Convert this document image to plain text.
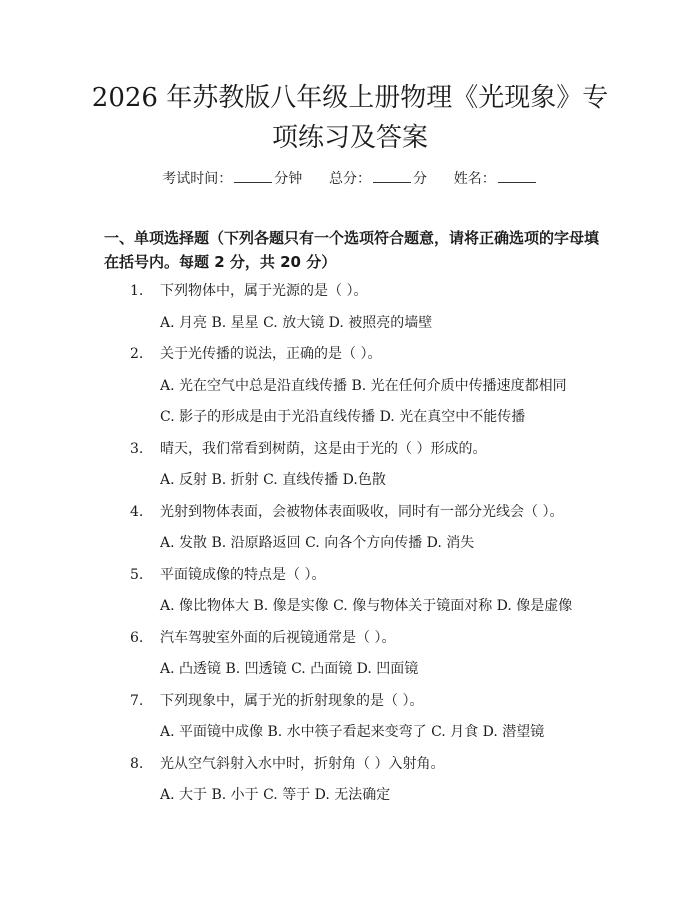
2026 年苏教版八年级上册物理《光现象》专
项练习及答案
考试时间：	分钟 总分：	分 姓名：
一、单项选择题（下列各题只有一个选项符合题意，请将正确选项的字母填在括号内。每题 2 分，共 20 分）
1. 下列物体中，属于光源的是（ ）。
A. 月亮 B. 星星 C. 放大镜 D. 被照亮的墙壁
2. 关于光传播的说法，正确的是（ ）。
A. 光在空气中总是沿直线传播 B. 光在任何介质中传播速度都相同
C. 影子的形成是由于光沿直线传播 D. 光在真空中不能传播
3. 晴天，我们常看到树荫，这是由于光的（ ）形成的。
A. 反射 B. 折射 C. 直线传播 D.色散
4. 光射到物体表面，会被物体表面吸收，同时有一部分光线会（ ）。
A. 发散 B. 沿原路返回 C. 向各个方向传播 D. 消失
5. 平面镜成像的特点是（ ）。
A. 像比物体大 B. 像是实像 C. 像与物体关于镜面对称 D. 像是虚像
6. 汽车驾驶室外面的后视镜通常是（ ）。
A. 凸透镜 B. 凹透镜 C. 凸面镜 D. 凹面镜
7. 下列现象中，属于光的折射现象的是（ ）。
A. 平面镜中成像 B. 水中筷子看起来变弯了 C. 月食 D. 潜望镜
8. 光从空气斜射入水中时，折射角（ ）入射角。
A. 大于 B. 小于 C. 等于 D. 无法确定
